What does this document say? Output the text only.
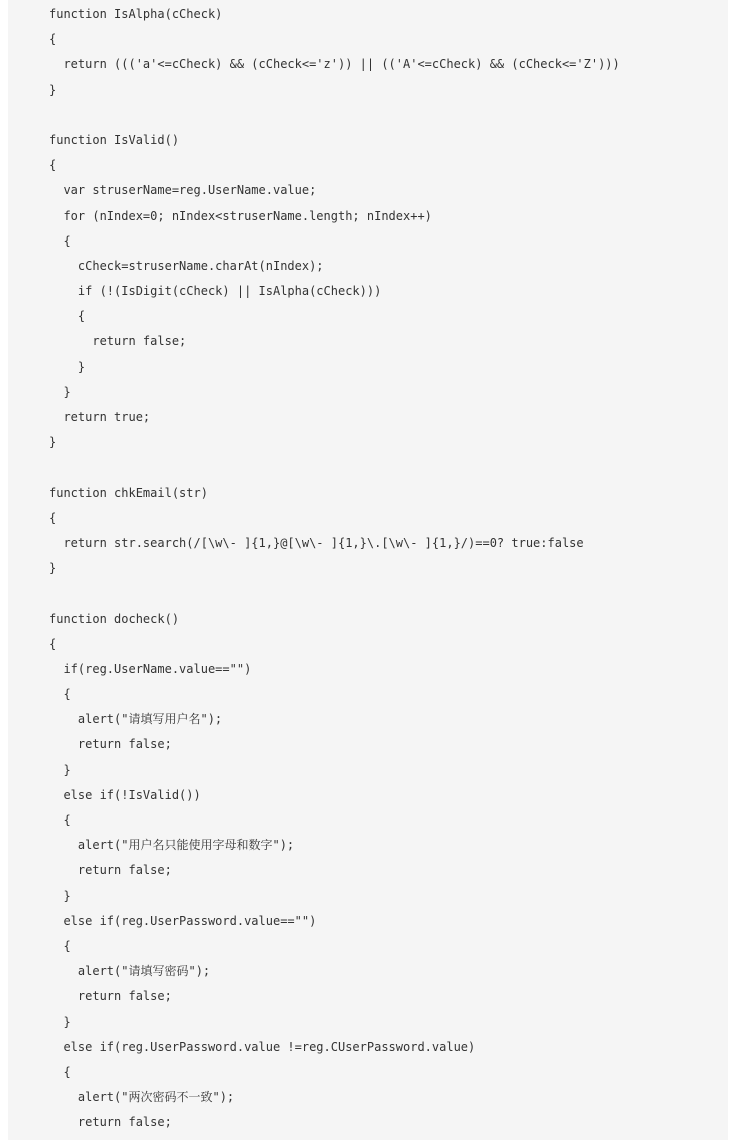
function IsAlpha(cCheck)
{
return ((('a'<=cCheck) && (cCheck<='z')) || (('A'<=cCheck) && (cCheck<='Z')))
}
function IsValid()
{
var struserName=reg.UserName.value;
for (nIndex=0; nIndex<struserName.length; nIndex++)
{
cCheck=struserName.charAt(nIndex);
if (!(IsDigit(cCheck) || IsAlpha(cCheck)))
{
return false;
}
}
return true;
}
function chkEmail(str)
{
return str.search(/[\w\- ]{1,}@[\w\- ]{1,}\.[\w\- ]{1,}/)==0? true:false
}
function docheck()
{
if(reg.UserName.value=="")
{
alert("请填写用户名");
return false;
}
else if(!IsValid())
{
alert("用户名只能使用字母和数字");
return false;
}
else if(reg.UserPassword.value=="")
{
alert("请填写密码");
return false;
}
else if(reg.UserPassword.value !=reg.CUserPassword.value)
{
alert("两次密码不一致");
return false;
